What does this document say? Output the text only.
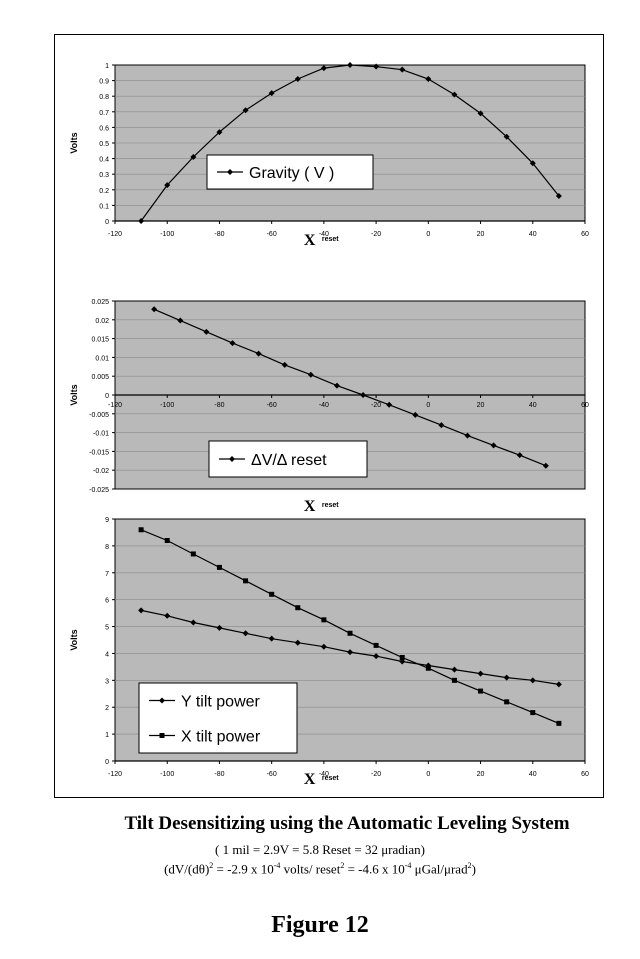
0
0.1
0.2
0.3
0.4
0.5
0.6
0.7
0.8
0.9
1
-120	-100	-80	-60	-40	-20	0	20	40	60
Volts
X reset
Gravity ( V )
-0.025
-0.02
-0.015
-0.01
-0.005
0
0.005
0.01
0.015
0.02
0.025
-120	-100	-80	-60	-40	-20	0	20	40	60
Volts
X reset
ΔV/Δ reset
0
1
2
3
4
5
6
7
8
9
-120	-100	-80	-60	-40	-20	0	20	40	60
Volts
X reset
Y tilt power
X tilt power
Tilt Desensitizing using the Automatic Leveling System
( 1 mil = 2.9V = 5.8 Reset = 32 μradian)
($dV/(d\theta)^2 = -2.9$ x $10^{-4}$ volts/ reset$^2$ = -4.6 x $10^{-4}$ μGal/μrad$^2$)
Figure 12
